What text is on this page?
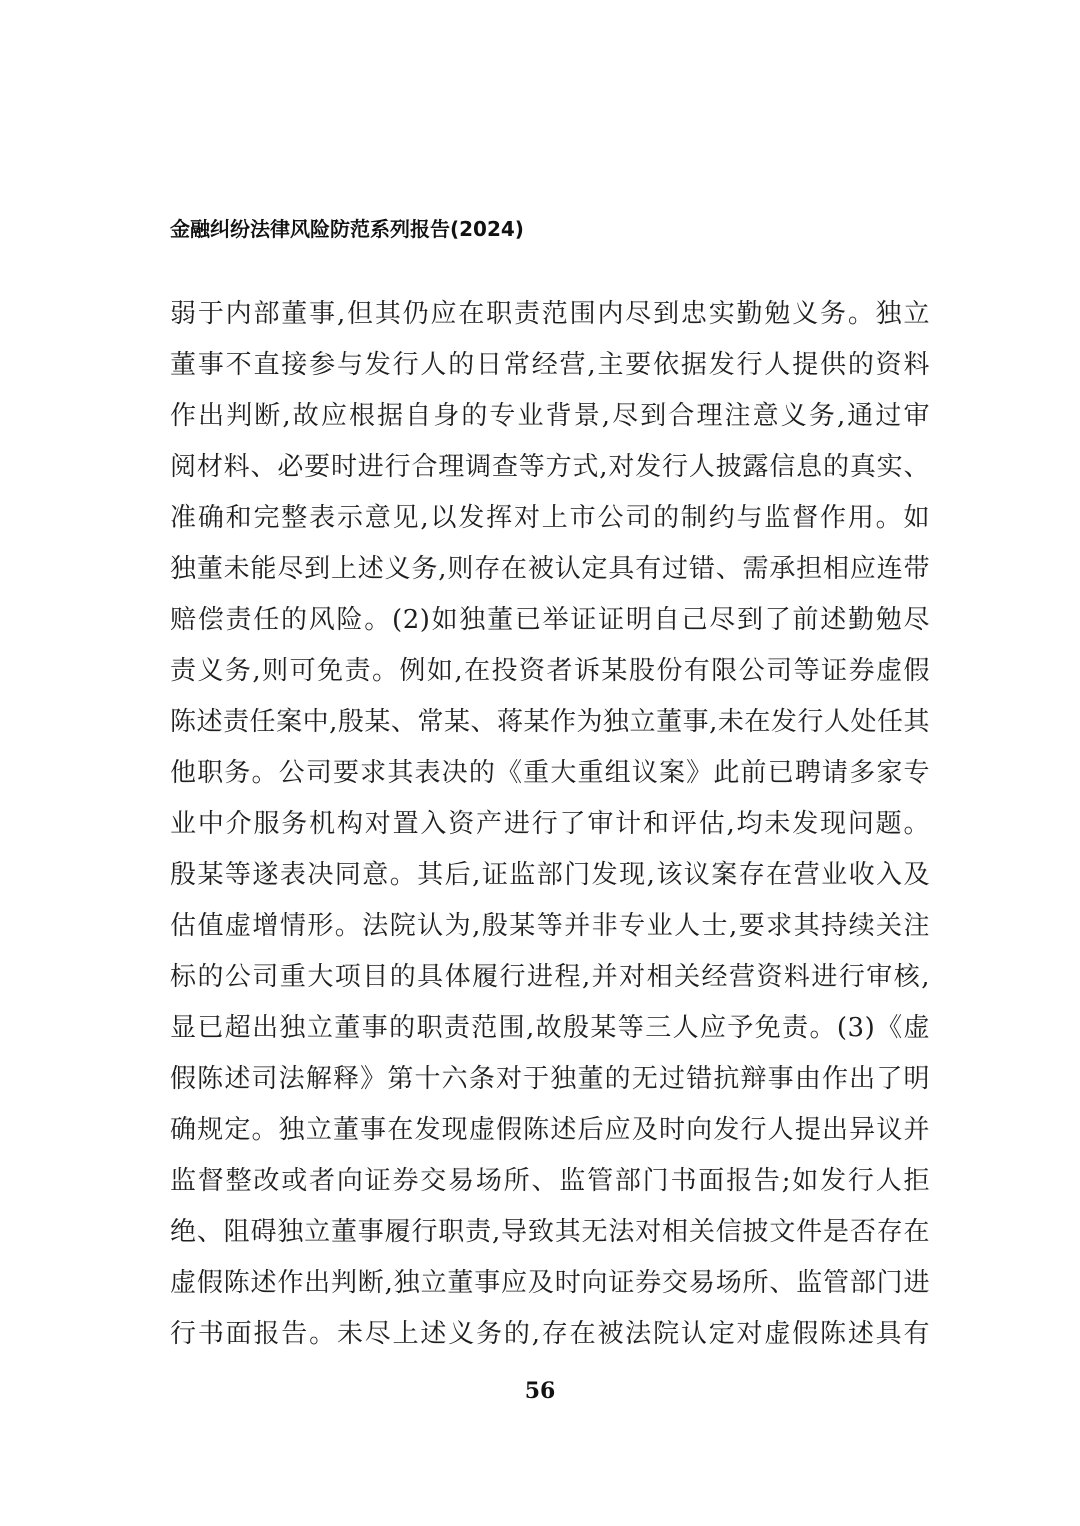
金融纠纷法律风险防范系列报告(2024)
弱于内部董事,但其仍应在职责范围内尽到忠实勤勉义务。独立
董事不直接参与发行人的日常经营,主要依据发行人提供的资料
作出判断,故应根据自身的专业背景,尽到合理注意义务,通过审
阅材料、必要时进行合理调查等方式,对发行人披露信息的真实、
准确和完整表示意见,以发挥对上市公司的制约与监督作用。如
独董未能尽到上述义务,则存在被认定具有过错、需承担相应连带
赔偿责任的风险。(2)如独董已举证证明自己尽到了前述勤勉尽
责义务,则可免责。例如,在投资者诉某股份有限公司等证券虚假
陈述责任案中,殷某、常某、蒋某作为独立董事,未在发行人处任其
他职务。公司要求其表决的《重大重组议案》此前已聘请多家专
业中介服务机构对置入资产进行了审计和评估,均未发现问题。
殷某等遂表决同意。其后,证监部门发现,该议案存在营业收入及
估值虚增情形。法院认为,殷某等并非专业人士,要求其持续关注
标的公司重大项目的具体履行进程,并对相关经营资料进行审核,
显已超出独立董事的职责范围,故殷某等三人应予免责。(3)《虚
假陈述司法解释》第十六条对于独董的无过错抗辩事由作出了明
确规定。独立董事在发现虚假陈述后应及时向发行人提出异议并
监督整改或者向证券交易场所、监管部门书面报告;如发行人拒
绝、阻碍独立董事履行职责,导致其无法对相关信披文件是否存在
虚假陈述作出判断,独立董事应及时向证券交易场所、监管部门进
行书面报告。未尽上述义务的,存在被法院认定对虚假陈述具有
56
